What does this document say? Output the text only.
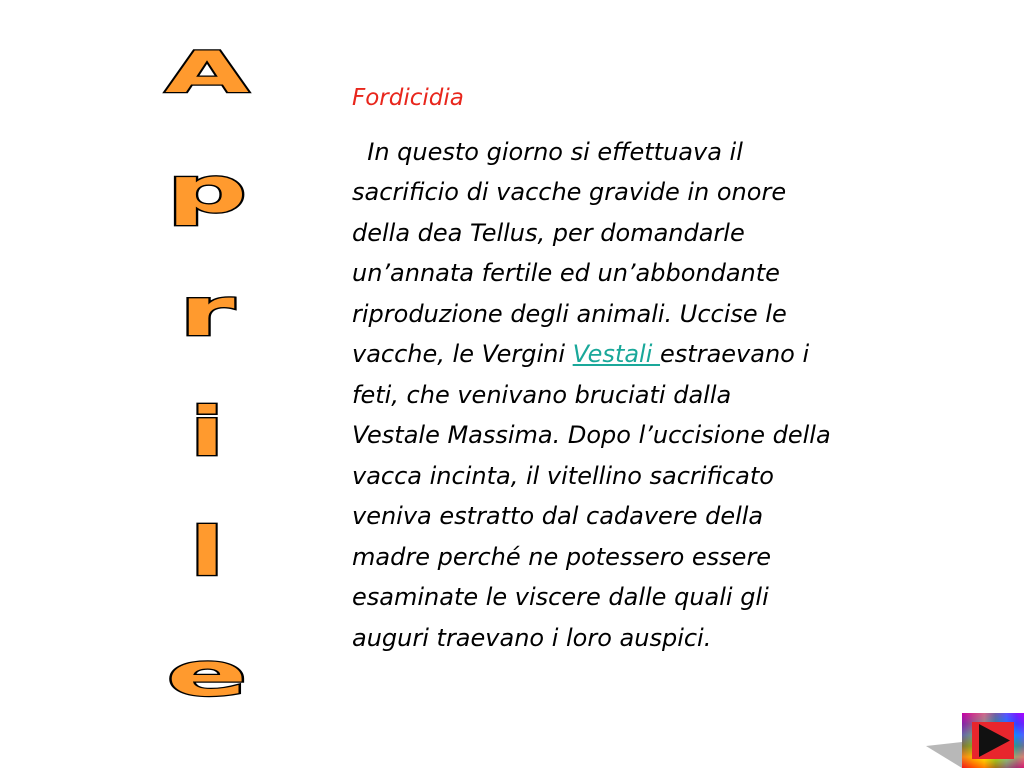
A
p
r
i
l
e
Fordicidia

In questo giorno si effettuava il
sacrificio di vacche gravide in onore
della dea Tellus, per domandarle
un’annata fertile ed un’abbondante
riproduzione degli animali. Uccise le
vacche, le Vergini Vestali estraevano i
feti, che venivano bruciati dalla
Vestale Massima. Dopo l’uccisione della
vacca incinta, il vitellino sacrificato
veniva estratto dal cadavere della
madre perché ne potessero essere
esaminate le viscere dalle quali gli
auguri traevano i loro auspici.
